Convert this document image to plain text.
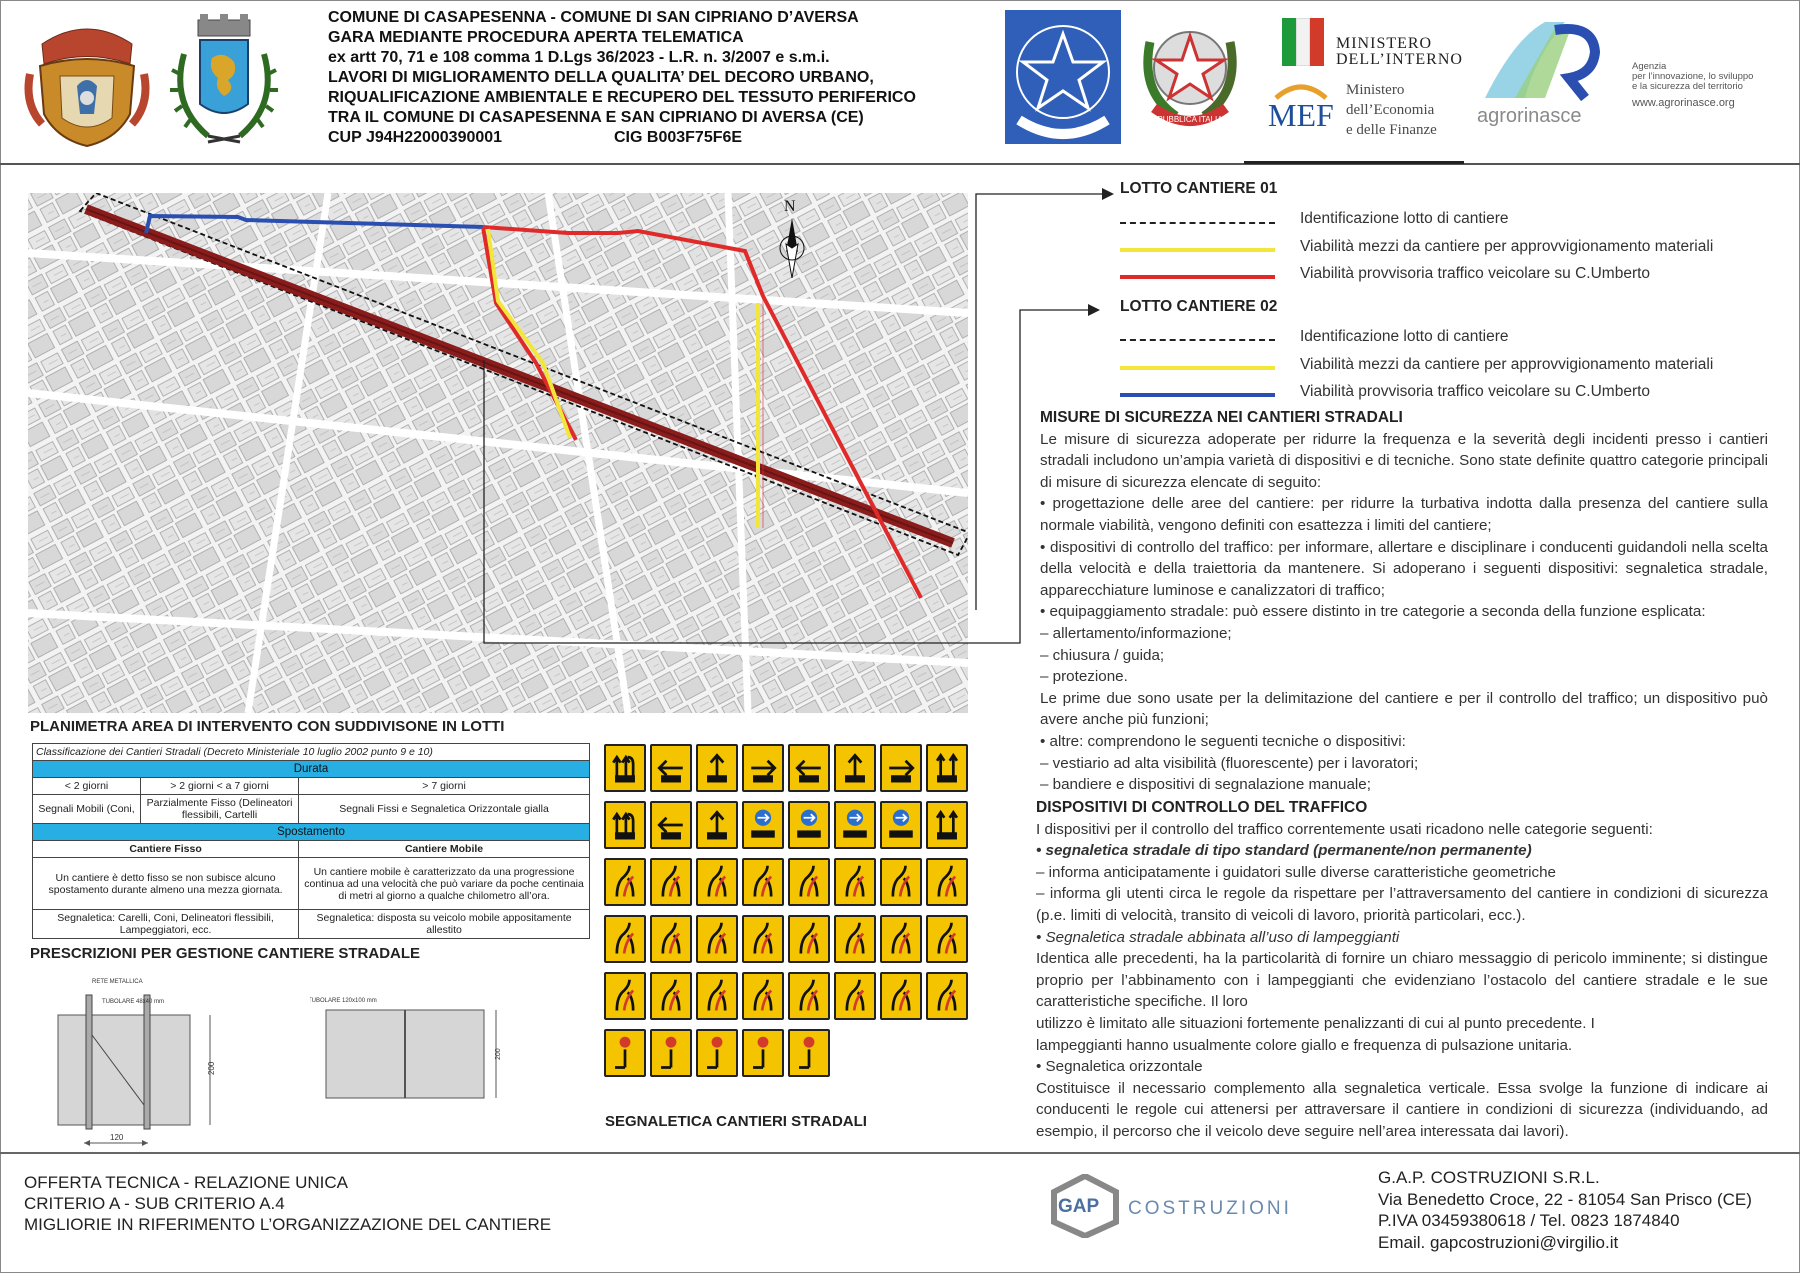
COMUNE DI CASAPESENNA - COMUNE DI SAN CIPRIANO D’AVERSA
GARA MEDIANTE PROCEDURA APERTA TELEMATICA
ex artt 70, 71 e 108 comma 1 D.Lgs 36/2023 - L.R. n. 3/2007 e s.m.i.
LAVORI DI MIGLIORAMENTO DELLA QUALITA’ DEL DECORO URBANO,
RIQUALIFICAZIONE AMBIENTALE E RECUPERO DEL TESSUTO PERIFERICO
TRA IL COMUNE DI CASAPESENNA E SAN CIPRIANO DI AVERSA (CE)
CUP J94H22000390001	CIG B003F75F6E
REPUBBLICA ITALIANA
MINISTERO
DELL’INTERNO
MEF
Ministero
dell’Economia
e delle Finanze
agrorinasce
Agenzia
per l’innovazione, lo sviluppo
e la sicurezza del territorio
www.agrorinasce.org
N
LOTTO CANTIERE 01
Identificazione lotto di cantiere
Viabilità mezzi da cantiere per approvvigionamento materiali
Viabilità provvisoria traffico veicolare su C.Umberto
LOTTO CANTIERE 02
Identificazione lotto di cantiere
Viabilità mezzi da cantiere per approvvigionamento materiali
Viabilità provvisoria traffico veicolare su C.Umberto

MISURE DI SICUREZZA NEI CANTIERI STRADALI

Le misure di sicurezza adoperate per ridurre la frequenza e la severità degli incidenti presso i cantieri stradali includono un’ampia varietà di dispositivi e di tecniche. Sono state definite quattro categorie principali di misure di sicurezza elencate di seguito:

• progettazione delle aree del cantiere: per ridurre la turbativa indotta dalla presenza del cantiere sulla normale viabilità, vengono definiti con esattezza i limiti del cantiere;

• dispositivi di controllo del traffico: per informare, allertare e disciplinare i conducenti guidandoli nella scelta della velocità e della traiettoria da mantenere. Si adoperano i seguenti dispositivi: segnaletica stradale, apparecchiature luminose e canalizzatori di traffico;

• equipaggiamento stradale: può essere distinto in tre categorie a seconda della funzione esplicata:

– allertamento/informazione;

– chiusura / guida;

– protezione.

Le prime due sono usate per la delimitazione del cantiere e per il controllo del traffico; un dispositivo può avere anche più funzioni;

• altre: comprendono le seguenti tecniche o dispositivi:

– vestiario ad alta visibilità (fluorescente) per i lavoratori;

– bandiere e dispositivi di segnalazione manuale;

DISPOSITIVI DI CONTROLLO DEL TRAFFICO

I dispositivi per il controllo del traffico correntemente usati ricadono nelle categorie seguenti:

• segnaletica stradale di tipo standard (permanente/non permanente)

– informa anticipatamente i guidatori sulle diverse caratteristiche geometriche

– informa gli utenti circa le regole da rispettare per l’attraversamento del cantiere in condizioni di sicurezza (p.e. limiti di velocità, transito di veicoli di lavoro, priorità particolari, ecc.).

• Segnaletica stradale abbinata all’uso di lampeggianti

Identica alle precedenti, ha la particolarità di fornire un chiaro messaggio di pericolo imminente; si distingue proprio per l’abbinamento con i lampeggianti che evidenziano l’ostacolo del cantiere stradale e le sue caratteristiche specifiche. Il loro

utilizzo è limitato alle situazioni fortemente penalizzanti di cui al punto precedente. I

lampeggianti hanno usualmente colore giallo e frequenza di pulsazione unitaria.

• Segnaletica orizzontale

Costituisce il necessario complemento alla segnaletica verticale. Essa svolge la funzione di indicare ai conducenti le regole cui attenersi per attraversare il cantiere in condizioni di sicurezza (individuando, ad esempio, il percorso che il veicolo deve seguire nell’area interessata dai lavori).

PLANIMETRA AREA DI INTERVENTO CON SUDDIVISONE IN LOTTI
Classificazione dei Cantieri Stradali (Decreto Ministeriale 10 luglio 2002 punto 9 e 10)		
Durata		
< 2 giorni	> 2 giorni < a 7 giorni	> 7 giorni
Segnali Mobili (Coni,	Parzialmente Fisso (Delineatori flessibili, Cartelli	Segnali Fissi e Segnaletica Orizzontale gialla
Spostamento		
Cantiere Fisso		Cantiere Mobile
Un cantiere è detto fisso se non subisce alcuno spostamento durante almeno una mezza giornata.		Un cantiere mobile è caratterizzato da una progressione continua ad una velocità che può variare da poche centinaia di metri al giorno a qualche chilometro all’ora.
Segnaletica: Carelli, Coni, Delineatori flessibili, Lampeggiatori, ecc.		Segnaletica: disposta su veicolo mobile appositamente allestito
PRESCRIZIONI PER GESTIONE CANTIERE STRADALE
120
200
RETE METALLICA
TUBOLARE 48x40 mm
200
TUBOLARE 120x100 mm
SEGNALETICA CANTIERI STRADALI
OFFERTA TECNICA - RELAZIONE UNICA
CRITERIO A - SUB CRITERIO A.4
MIGLIORIE IN RIFERIMENTO L’ORGANIZZAZIONE DEL CANTIERE
GAP COSTRUZIONI
G.A.P. COSTRUZIONI S.R.L.
Via Benedetto Croce, 22 - 81054 San Prisco (CE)
P.IVA 03459380618 / Tel. 0823 1874840
Email. gapcostruzioni@virgilio.it
